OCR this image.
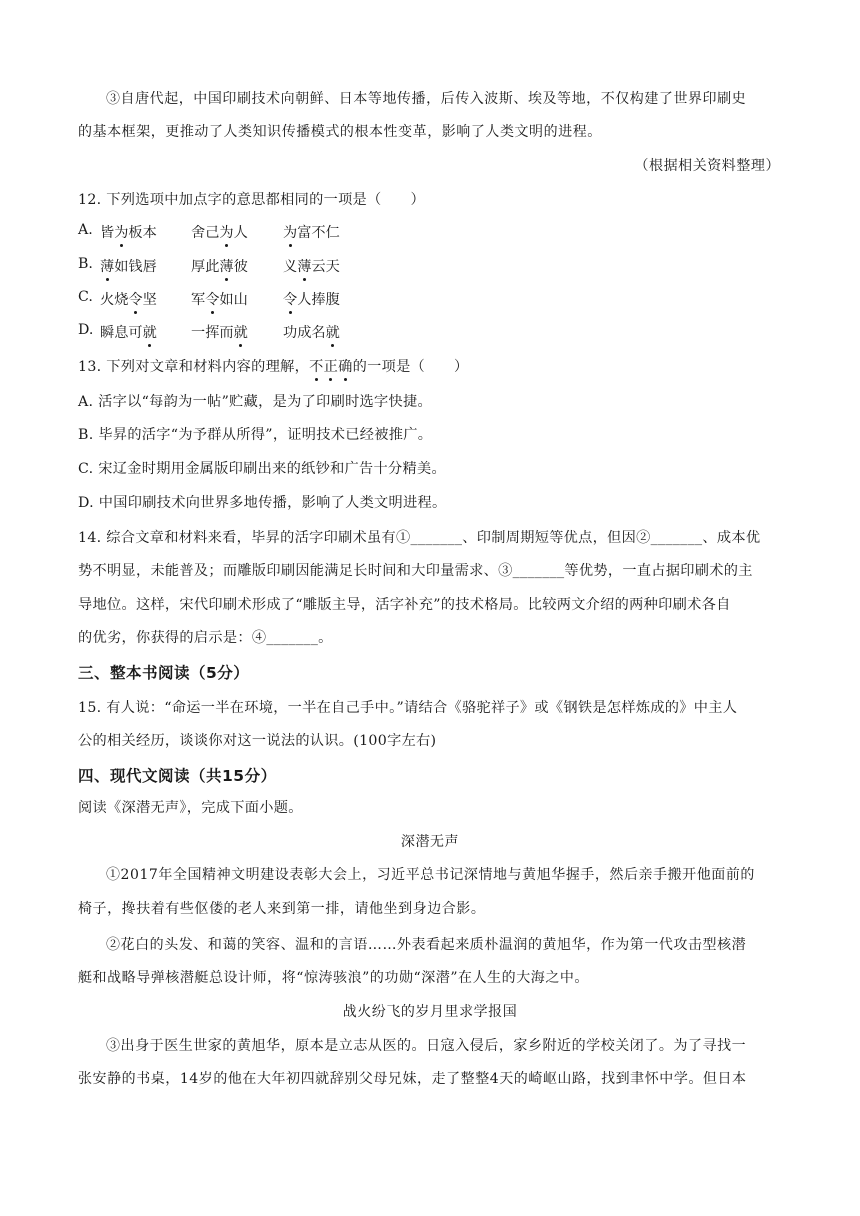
③自唐代起，中国印刷技术向朝鲜、日本等地传播，后传入波斯、埃及等地，不仅构建了世界印刷史
的基本框架，更推动了人类知识传播模式的根本性变革，影响了人类文明的进程。
（根据相关资料整理）
12. 下列选项中加点字的意思都相同的一项是（　　）
A. 皆为板本 舍己为人 为富不仁
B. 薄如钱唇 厚此薄彼 义薄云天
C. 火烧令坚 军令如山 令人捧腹
D. 瞬息可就 一挥而就 功成名就
13. 下列对文章和材料内容的理解，不正确的一项是（　　）
A. 活字以“每韵为一帖”贮藏，是为了印刷时选字快捷。
B. 毕昇的活字“为予群从所得”，证明技术已经被推广。
C. 宋辽金时期用金属版印刷出来的纸钞和广告十分精美。
D. 中国印刷技术向世界多地传播，影响了人类文明进程。
14. 综合文章和材料来看，毕昇的活字印刷术虽有①_______、印制周期短等优点，但因②_______、成本优
势不明显，未能普及；而雕版印刷因能满足长时间和大印量需求、③_______等优势，一直占据印刷术的主
导地位。这样，宋代印刷术形成了“雕版主导，活字补充”的技术格局。比较两文介绍的两种印刷术各自
的优劣，你获得的启示是：④_______。
三、整本书阅读（5分）
15. 有人说：“命运一半在环境，一半在自己手中。”请结合《骆驼祥子》或《钢铁是怎样炼成的》中主人
公的相关经历，谈谈你对这一说法的认识。(100字左右)
四、现代文阅读（共15分）
阅读《深潜无声》，完成下面小题。
深潜无声
①2017年全国精神文明建设表彰大会上，习近平总书记深情地与黄旭华握手，然后亲手搬开他面前的
椅子，搀扶着有些伛偻的老人来到第一排，请他坐到身边合影。
②花白的头发、和蔼的笑容、温和的言语……外表看起来质朴温润的黄旭华，作为第一代攻击型核潜
艇和战略导弹核潜艇总设计师，将“惊涛骇浪”的功勋“深潜”在人生的大海之中。
战火纷飞的岁月里求学报国
③出身于医生世家的黄旭华，原本是立志从医的。日寇入侵后，家乡附近的学校关闭了。为了寻找一
张安静的书桌，14岁的他在大年初四就辞别父母兄妹，走了整整4天的崎岖山路，找到聿怀中学。但日本
